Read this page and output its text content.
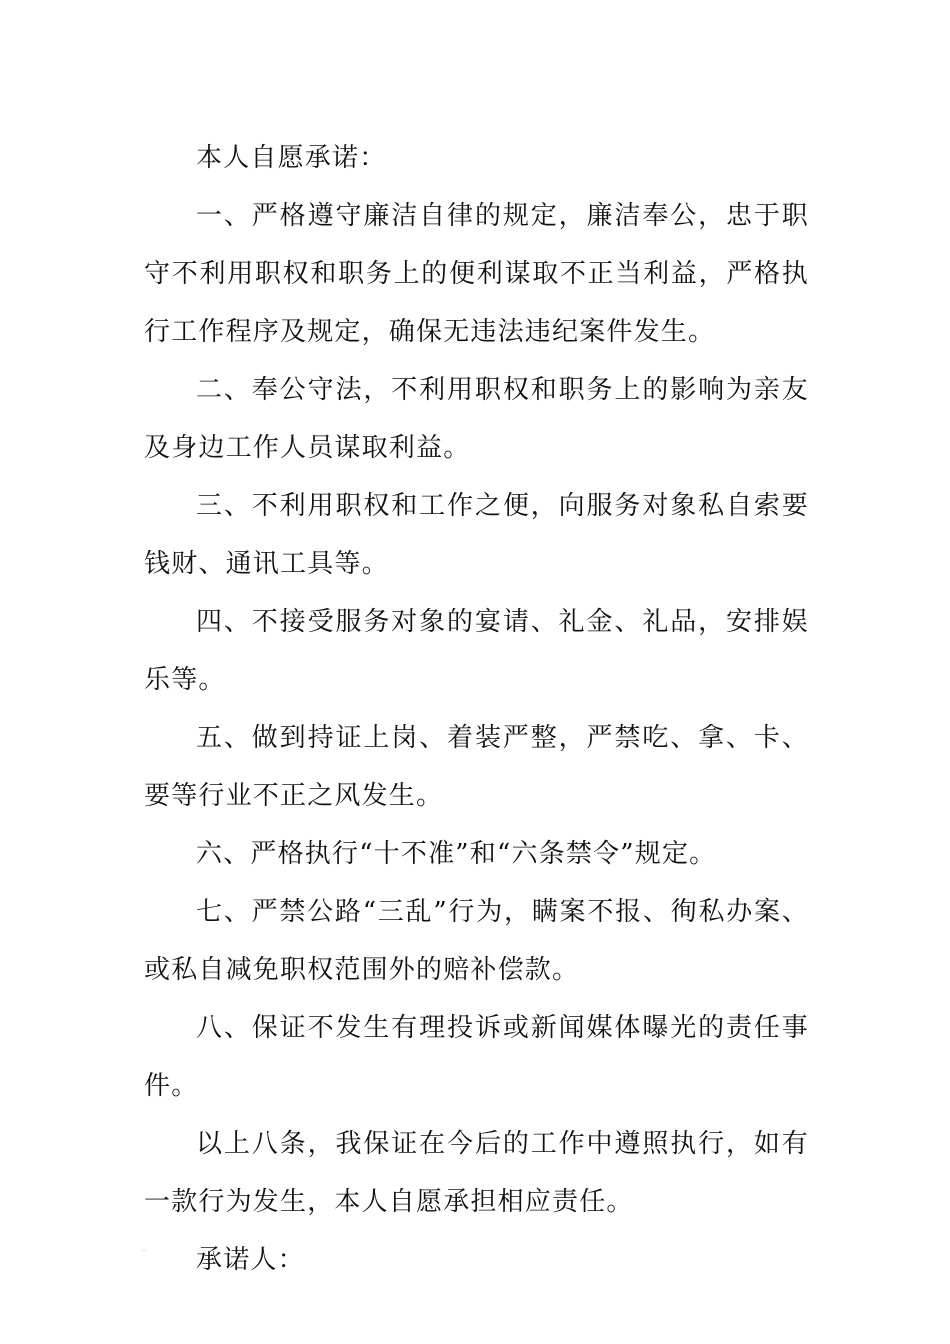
本人自愿承诺：

一、严格遵守廉洁自律的规定，廉洁奉公，忠于职守不利用职权和职务上的便利谋取不正当利益，严格执行工作程序及规定，确保无违法违纪案件发生。

二、奉公守法，不利用职权和职务上的影响为亲友及身边工作人员谋取利益。

三、不利用职权和工作之便，向服务对象私自索要钱财、通讯工具等。

四、不接受服务对象的宴请、礼金、礼品，安排娱乐等。

五、做到持证上岗、着装严整，严禁吃、拿、卡、要等行业不正之风发生。

六、严格执行“十不准”和“六条禁令”规定。

七、严禁公路“三乱”行为，瞒案不报、徇私办案、或私自减免职权范围外的赔补偿款。

八、保证不发生有理投诉或新闻媒体曝光的责任事件。

以上八条，我保证在今后的工作中遵照执行，如有一款行为发生，本人自愿承担相应责任。

承诺人：
